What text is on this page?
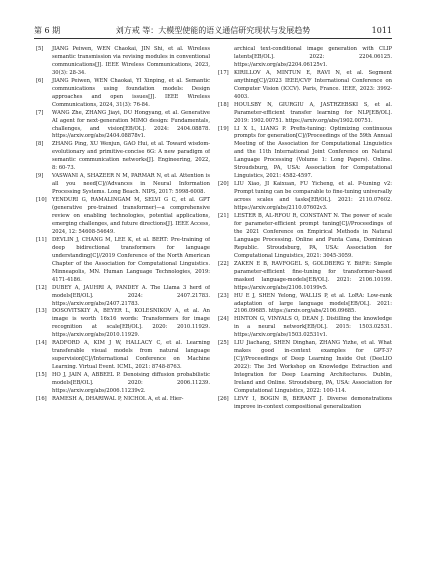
第 6 期	刘方戒 等：大模型使能的语义通信研究现状与发展趋势	1011

[5] JIANG Peiwen, WEN Chaokai, JIN Shi, et al. Wireless semantic transmission via revising modules in conventional communications[J]. IEEE Wireless Communications, 2023, 30(3): 28-34.

[6] JIANG Peiwen, WEN Chaokai, YI Xinping, et al. Semantic communications using foundation models: Design approaches and open issues[J]. IEEE Wireless Communications, 2024, 31(3): 76-84.

[7] WANG Zhe, ZHANG Jiayi, DU Hongyang, et al. Generative AI agent for next-generation MIMO design: Fundamentals, challenges, and vision[EB/OL]. 2024: 2404.08878. https://arxiv.org/abs/2404.08878v1.

[8] ZHANG Ping, XU Wenjun, GAO Hui, et al. Toward wisdom-evolutionary and primitive-concise 6G: A new paradigm of semantic communication networks[J]. Engineering, 2022, 8: 60-73.

[9] VASWANI A, SHAZEER N M, PARMAR N, et al. Attention is all you need[C]//Advances in Neural Information Processing Systems. Long Beach. NIPS, 2017: 5998-6008.

[10] YENDURI G, RAMALINGAM M, SELVI G C, et al. GPT (generative pre-trained transformer)—a comprehensive review on enabling technologies, potential applications, emerging challenges, and future directions[J]. IEEE Access, 2024, 12: 54608-54649.

[11] DEVLIN J, CHANG M, LEE K, et al. BERT: Pre-training of deep bidirectional transformers for language understanding[C]//2019 Conference of the North American Chapter of the Association for Computational Linguistics. Minneapolis, MN. Human Language Technologies, 2019: 4171-4186.

[12] DUBEY A, JAUHRI A, PANDEY A. The Llama 3 herd of models[EB/OL]. 2024: 2407.21783. https://arxiv.org/abs/2407.21783.

[13] DOSOVITSKIY A, BEYER L, KOLESNIKOV A, et al. An image is worth 16x16 words: Transformers for image recognition at scale[EB/OL]. 2020: 2010.11929. https://arxiv.org/abs/2010.11929.

[14] RADFORD A, KIM J W, HALLACY C, et al. Learning transferable visual models from natural language supervision[C]//International Conference on Machine Learning. Virtual Event. ICML, 2021: 8748-8763.

[15] HO J, JAIN A, ABBEEL P. Denoising diffusion probabilistic models[EB/OL]. 2020: 2006.11239. https://arxiv.org/abs/2006.11239v2.

[16] RAMESH A, DHARIWAL P, NICHOL A, et al. Hier-

archical text-conditional image generation with CLIP latents[EB/OL]. 2022: 2204.06125. https://arxiv.org/abs/2204.06125v1.

[17] KIRILLOV A, MINTUN E, RAVI N, et al. Segment anything[C]//2023 IEEE/CVF International Conference on Computer Vision (ICCV). Paris, France. IEEE, 2023: 3992-4003.

[18] HOULSBY N, GIURGIU A, JASTRZEBSKI S, et al. Parameter-efficient transfer learning for NLP[EB/OL]. 2019: 1902.00751. https://arxiv.org/abs/1902.00751.

[19] LI X L, LIANG P. Prefix-tuning: Optimizing continuous prompts for generation[C]//Proceedings of the 59th Annual Meeting of the Association for Computational Linguistics and the 11th International Joint Conference on Natural Language Processing (Volume 1: Long Papers). Online. Stroudsburg, PA, USA: Association for Computational Linguistics, 2021: 4582-4597.

[20] LIU Xiao, JI Kaixuan, FU Yicheng, et al. P-tuning v2: Prompt tuning can be comparable to fine-tuning universally across scales and tasks[EB/OL]. 2021: 2110.07602. https://arxiv.org/abs/2110.07602v3.

[21] LESTER B, AL-RFOU R, CONSTANT N. The power of scale for parameter-efficient prompt tuning[C]//Proceedings of the 2021 Conference on Empirical Methods in Natural Language Processing. Online and Punta Cana, Dominican Republic. Stroudsburg, PA, USA: Association for Computational Linguistics, 2021: 3045-3059.

[22] ZAKEN E B, RAVFOGEL S, GOLDBERG Y. BitFit: Simple parameter-efficient fine-tuning for transformer-based masked language-models[EB/OL]. 2021: 2106.10199. https://arxiv.org/abs/2106.10199v5.

[23] HU E J, SHEN Yelong, WALLIS P, et al. LoRA: Low-rank adaptation of large language models[EB/OL]. 2021: 2106.09685. https://arxiv.org/abs/2106.09685.

[24] HINTON G, VINYALS O, DEAN J. Distilling the knowledge in a neural network[EB/OL]. 2015: 1503.02531. https://arxiv.org/abs/1503.02531v1.

[25] LIU Jiachang, SHEN Dinghan, ZHANG Yizhe, et al. What makes good in-context examples for GPT-3?[C]//Proceedings of Deep Learning Inside Out (DeeLIO 2022): The 3rd Workshop on Knowledge Extraction and Integration for Deep Learning Architectures. Dublin, Ireland and Online. Stroudsburg, PA, USA: Association for Computational Linguistics, 2022: 100-114.

[26] LEVY I, BOGIN B, BERANT J. Diverse demonstrations improve in-context compositional generalization
